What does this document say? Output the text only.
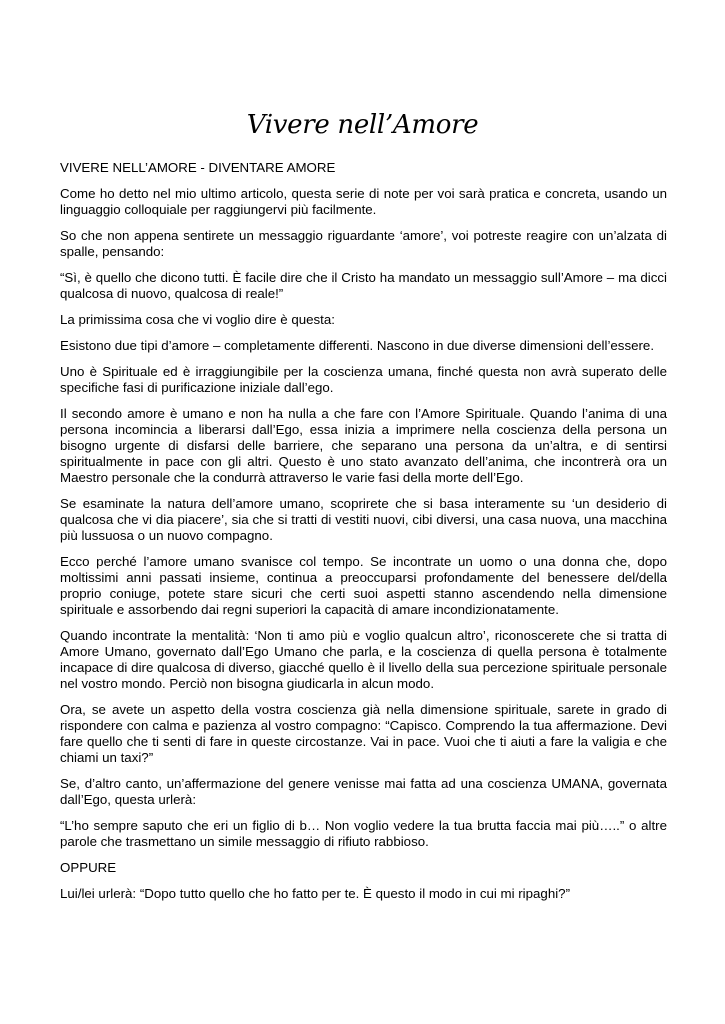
Vivere nell’Amore

VIVERE NELL’AMORE - DIVENTARE AMORE

Come ho detto nel mio ultimo articolo, questa serie di note per voi sarà pratica e concreta, usando un linguaggio colloquiale per raggiungervi più facilmente.

So che non appena sentirete un messaggio riguardante ‘amore’, voi potreste reagire con un’alzata di spalle, pensando:

“Sì, è quello che dicono tutti. È facile dire che il Cristo ha mandato un messaggio sull’Amore – ma dicci qualcosa di nuovo, qualcosa di reale!”

La primissima cosa che vi voglio dire è questa:

Esistono due tipi d’amore – completamente differenti. Nascono in due diverse dimensioni dell’essere.

Uno è Spirituale ed è irraggiungibile per la coscienza umana, finché questa non avrà superato delle specifiche fasi di purificazione iniziale dall’ego.

Il secondo amore è umano e non ha nulla a che fare con l’Amore Spirituale. Quando l’anima di una persona incomincia a liberarsi dall’Ego, essa inizia a imprimere nella coscienza della persona un bisogno urgente di disfarsi delle barriere, che separano una persona da un’altra, e di sentirsi spiritualmente in pace con gli altri. Questo è uno stato avanzato dell’anima, che incontrerà ora un Maestro personale che la condurrà attraverso le varie fasi della morte dell’Ego.

Se esaminate la natura dell’amore umano, scoprirete che si basa interamente su ‘un desiderio di qualcosa che vi dia piacere’, sia che si tratti di vestiti nuovi, cibi diversi, una casa nuova, una macchina più lussuosa o un nuovo compagno.

Ecco perché l’amore umano svanisce col tempo. Se incontrate un uomo o una donna che, dopo moltissimi anni passati insieme, continua a preoccuparsi profondamente del benessere del/della proprio coniuge, potete stare sicuri che certi suoi aspetti stanno ascendendo nella dimensione spirituale e assorbendo dai regni superiori la capacità di amare incondizionatamente.

Quando incontrate la mentalità: ‘Non ti amo più e voglio qualcun altro’, riconoscerete che si tratta di Amore Umano, governato dall’Ego Umano che parla, e la coscienza di quella persona è totalmente incapace di dire qualcosa di diverso, giacché quello è il livello della sua percezione spirituale personale nel vostro mondo. Perciò non bisogna giudicarla in alcun modo.

Ora, se avete un aspetto della vostra coscienza già nella dimensione spirituale, sarete in grado di rispondere con calma e pazienza al vostro compagno: “Capisco. Comprendo la tua affermazione. Devi fare quello che ti senti di fare in queste circostanze. Vai in pace. Vuoi che ti aiuti a fare la valigia e che chiami un taxi?”

Se, d’altro canto, un’affermazione del genere venisse mai fatta ad una coscienza UMANA, governata dall’Ego, questa urlerà:

“L’ho sempre saputo che eri un figlio di b… Non voglio vedere la tua brutta faccia mai più…..” o altre parole che trasmettano un simile messaggio di rifiuto rabbioso.

OPPURE

Lui/lei urlerà: “Dopo tutto quello che ho fatto per te. È questo il modo in cui mi ripaghi?”
